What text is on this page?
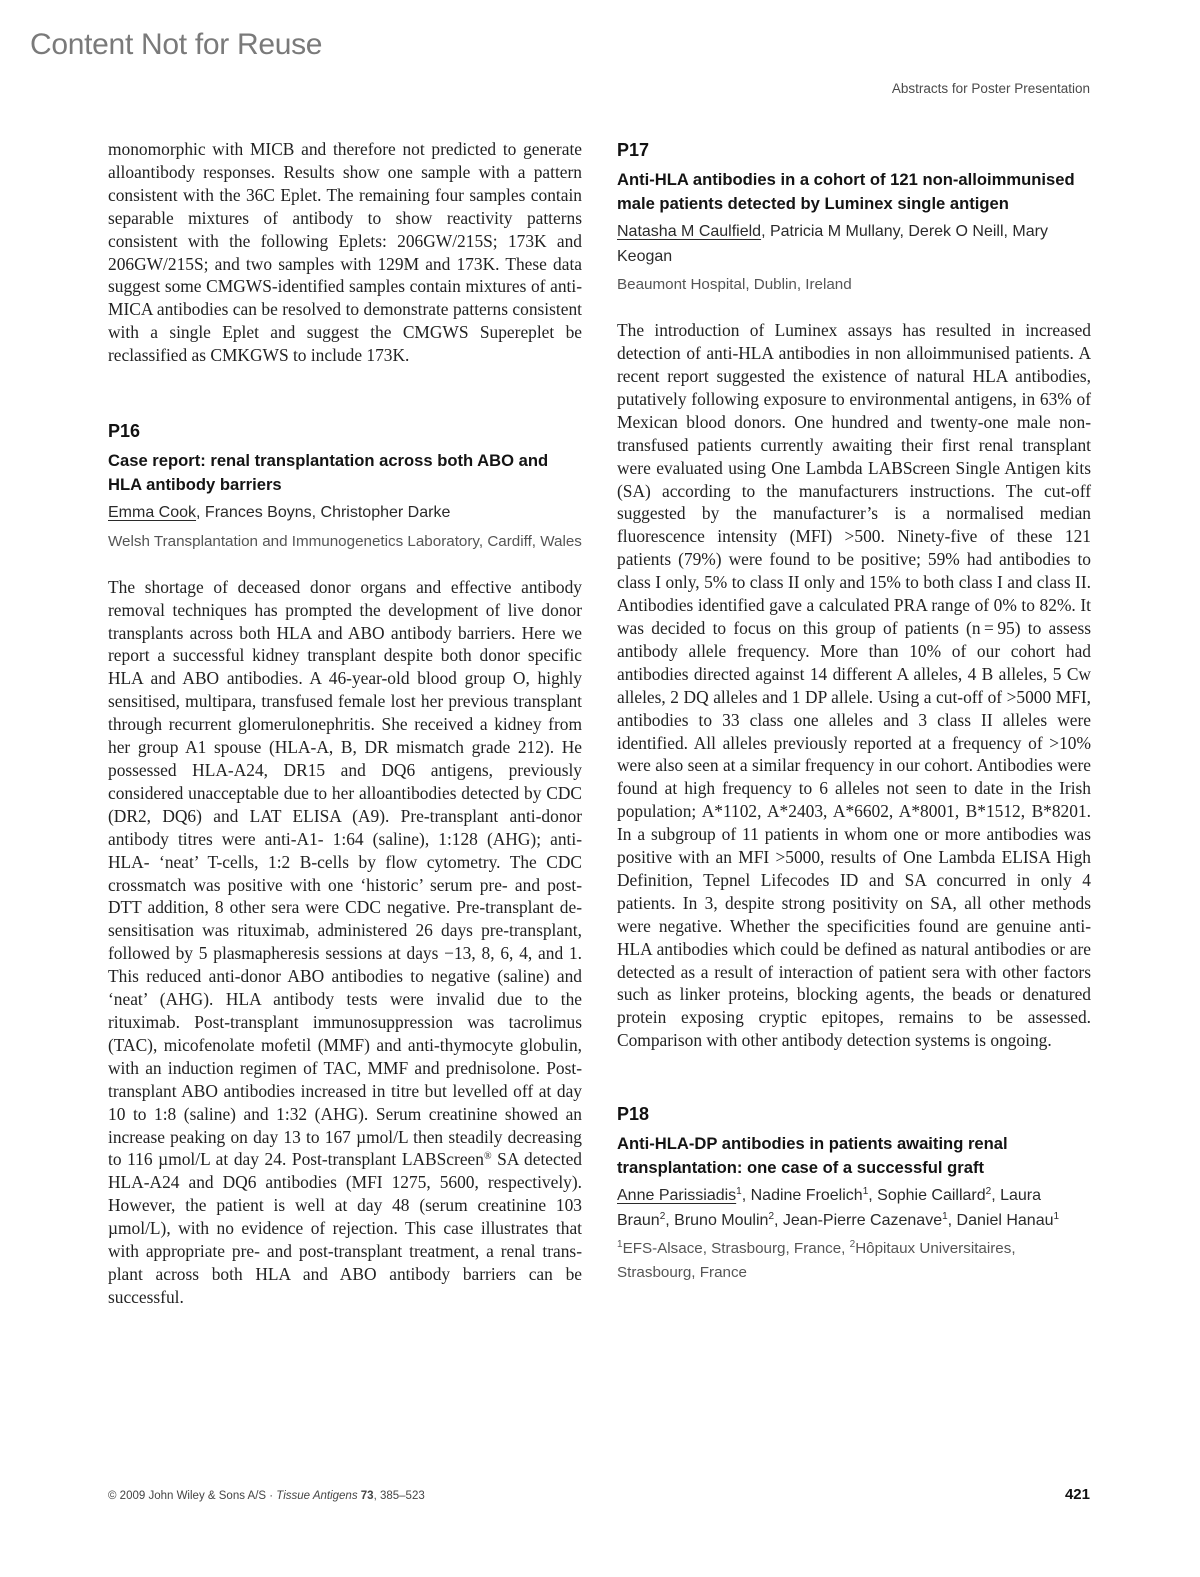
Content Not for Reuse
Abstracts for Poster Presentation

monomorphic with MICB and therefore not predicted to generate alloantibody responses. Results show one sample with a pattern consistent with the 36C Eplet. The remaining four samples contain separable mixtures of antibody to show reactivity patterns consistent with the following Eplets: 206GW/215S; 173K and 206GW/215S; and two samples with 129M and 173K. These data suggest some CMGWS-identified samples contain mixtures of anti-MICA antibodies can be resolved to demonstrate patterns consistent with a single Eplet and suggest the CMGWS Supereplet be reclassified as CMKGWS to include 173K.

P16
Case report: renal transplantation across both ABO and HLA antibody barriers

Emma Cook, Frances Boyns, Christopher Darke

Welsh Transplantation and Immunogenetics Laboratory, Cardiff, Wales

The shortage of deceased donor organs and effective antibody removal techniques has prompted the development of live donor transplants across both HLA and ABO antibody barriers. Here we report a successful kidney transplant despite both donor specific HLA and ABO antibodies. A 46-year-old blood group O, highly sensitised, multipara, transfused female lost her previous transplant through recurrent glomerulonephritis. She received a kidney from her group A1 spouse (HLA-A, B, DR mismatch grade 212). He possessed HLA-A24, DR15 and DQ6 antigens, previously considered unacceptable due to her alloantibodies detected by CDC (DR2, DQ6) and LAT ELISA (A9). Pre-transplant anti-donor antibody titres were anti-A1- 1:64 (saline), 1:128 (AHG); anti-HLA- ‘neat’ T-cells, 1:2 B-cells by flow cytometry. The CDC crossmatch was positive with one ‘historic’ serum pre- and post-DTT addition, 8 other sera were CDC negative. Pre-transplant de-sensitisation was rituximab, administered 26 days pre-transplant, followed by 5 plasmapheresis sessions at days −13, 8, 6, 4, and 1. This reduced anti-donor ABO antibodies to negative (saline) and ‘neat’ (AHG). HLA antibody tests were invalid due to the rituximab. Post-transplant immunosuppression was tacrolimus (TAC), micofenolate mofetil (MMF) and anti-thymocyte globulin, with an induction regimen of TAC, MMF and prednisolone. Post-transplant ABO antibodies increased in titre but levelled off at day 10 to 1:8 (saline) and 1:32 (AHG). Serum creatinine showed an increase peaking on day 13 to 167 µmol/L then steadily decreasing to 116 µmol/L at day 24. Post-transplant LABScreen® SA detected HLA-A24 and DQ6 antibodies (MFI 1275, 5600, respectively). However, the patient is well at day 48 (serum creatinine 103 µmol/L), with no evidence of rejection. This case illustrates that with appropriate pre- and post-transplant treatment, a renal transplant across both HLA and ABO antibody barriers can be successful.

P17
Anti-HLA antibodies in a cohort of 121 non-alloimmunised male patients detected by Luminex single antigen

Natasha M Caulfield, Patricia M Mullany, Derek O Neill, Mary Keogan

Beaumont Hospital, Dublin, Ireland

The introduction of Luminex assays has resulted in increased detection of anti-HLA antibodies in non alloimmunised patients. A recent report suggested the existence of natural HLA antibodies, putatively following exposure to environmental antigens, in 63% of Mexican blood donors. One hundred and twenty-one male non-transfused patients currently awaiting their first renal transplant were evaluated using One Lambda LABScreen Single Antigen kits (SA) according to the manufacturers instructions. The cut-off suggested by the manufacturer’s is a normalised median fluorescence intensity (MFI) >500. Ninety-five of these 121 patients (79%) were found to be positive; 59% had antibodies to class I only, 5% to class II only and 15% to both class I and class II. Antibodies identified gave a calculated PRA range of 0% to 82%. It was decided to focus on this group of patients (n = 95) to assess antibody allele frequency. More than 10% of our cohort had antibodies directed against 14 different A alleles, 4 B alleles, 5 Cw alleles, 2 DQ alleles and 1 DP allele. Using a cut-off of >5000 MFI, antibodies to 33 class one alleles and 3 class II alleles were identified. All alleles previously reported at a frequency of >10% were also seen at a similar frequency in our cohort. Antibodies were found at high frequency to 6 alleles not seen to date in the Irish population; A*1102, A*2403, A*6602, A*8001, B*1512, B*8201. In a subgroup of 11 patients in whom one or more antibodies was positive with an MFI >5000, results of One Lambda ELISA High Definition, Tepnel Lifecodes ID and SA concurred in only 4 patients. In 3, despite strong positivity on SA, all other methods were negative. Whether the specificities found are genuine anti-HLA antibodies which could be defined as natural antibodies or are detected as a result of interaction of patient sera with other factors such as linker proteins, blocking agents, the beads or denatured protein exposing cryptic epitopes, remains to be assessed. Comparison with other antibody detection systems is ongoing.

P18
Anti-HLA-DP antibodies in patients awaiting renal transplantation: one case of a successful graft

Anne Parissiadis$^1$, Nadine Froelich$^1$, Sophie Caillard$^2$, Laura Braun$^2$, Bruno Moulin$^2$, Jean-Pierre Cazenave$^1$, Daniel Hanau$^1$

$^1$EFS-Alsace, Strasbourg, France, $^2$Hôpitaux Universitaires, Strasbourg, France

© 2009 John Wiley & Sons A/S · Tissue Antigens 73, 385–523	421
